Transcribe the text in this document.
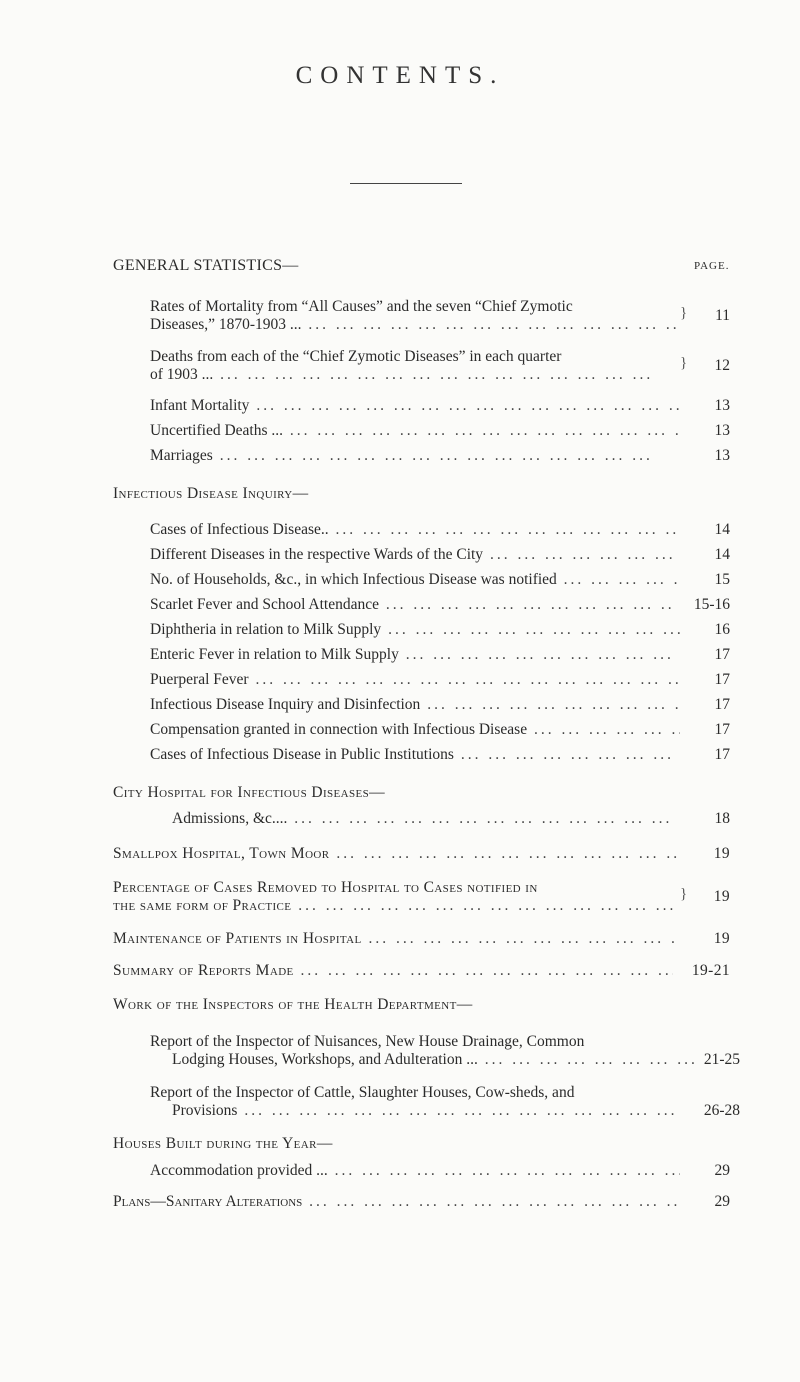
CONTENTS.
GENERAL STATISTICS—	PAGE.
Rates of Mortality from “All Causes” and the seven “Chief Zymotic
Diseases,” 1870-1903 ... ... .
} 11
Deaths from each of the “Chief Zymotic Diseases” in each quarter
of 1903 ... ... .
} 12
Infant Mortality ... .	13
Uncertified Deaths ... ... .	13
Marriages ... .	13
Infectious Disease Inquiry—
Cases of Infectious Disease.. ... .	14
Different Diseases in the respective Wards of the City ... .	14
No. of Households, &c., in which Infectious Disease was notified ... .	15
Scarlet Fever and School Attendance ... .	15-16
Diphtheria in relation to Milk Supply ... .	16
Enteric Fever in relation to Milk Supply ... .	17
Puerperal Fever ... .	17
Infectious Disease Inquiry and Disinfection ... .	17
Compensation granted in connection with Infectious Disease ... .	17
Cases of Infectious Disease in Public Institutions ... .	17
City Hospital for Infectious Diseases—
Admissions, &c.... ... .	18
Smallpox Hospital, Town Moor ... .	19
Percentage of Cases Removed to Hospital to Cases notified in
the same form of Practice ... .
} 19
Maintenance of Patients in Hospital ... .	19
Summary of Reports Made ... .	19-21
Work of the Inspectors of the Health Department—
Report of the Inspector of Nuisances, New House Drainage, Common
Lodging Houses, Workshops, and Adulteration ... ... .	21-25
Report of the Inspector of Cattle, Slaughter Houses, Cow-sheds, and
Provisions ... .	26-28
Houses Built during the Year—
Accommodation provided ... ... .	29
Plans—Sanitary Alterations ... .	29
